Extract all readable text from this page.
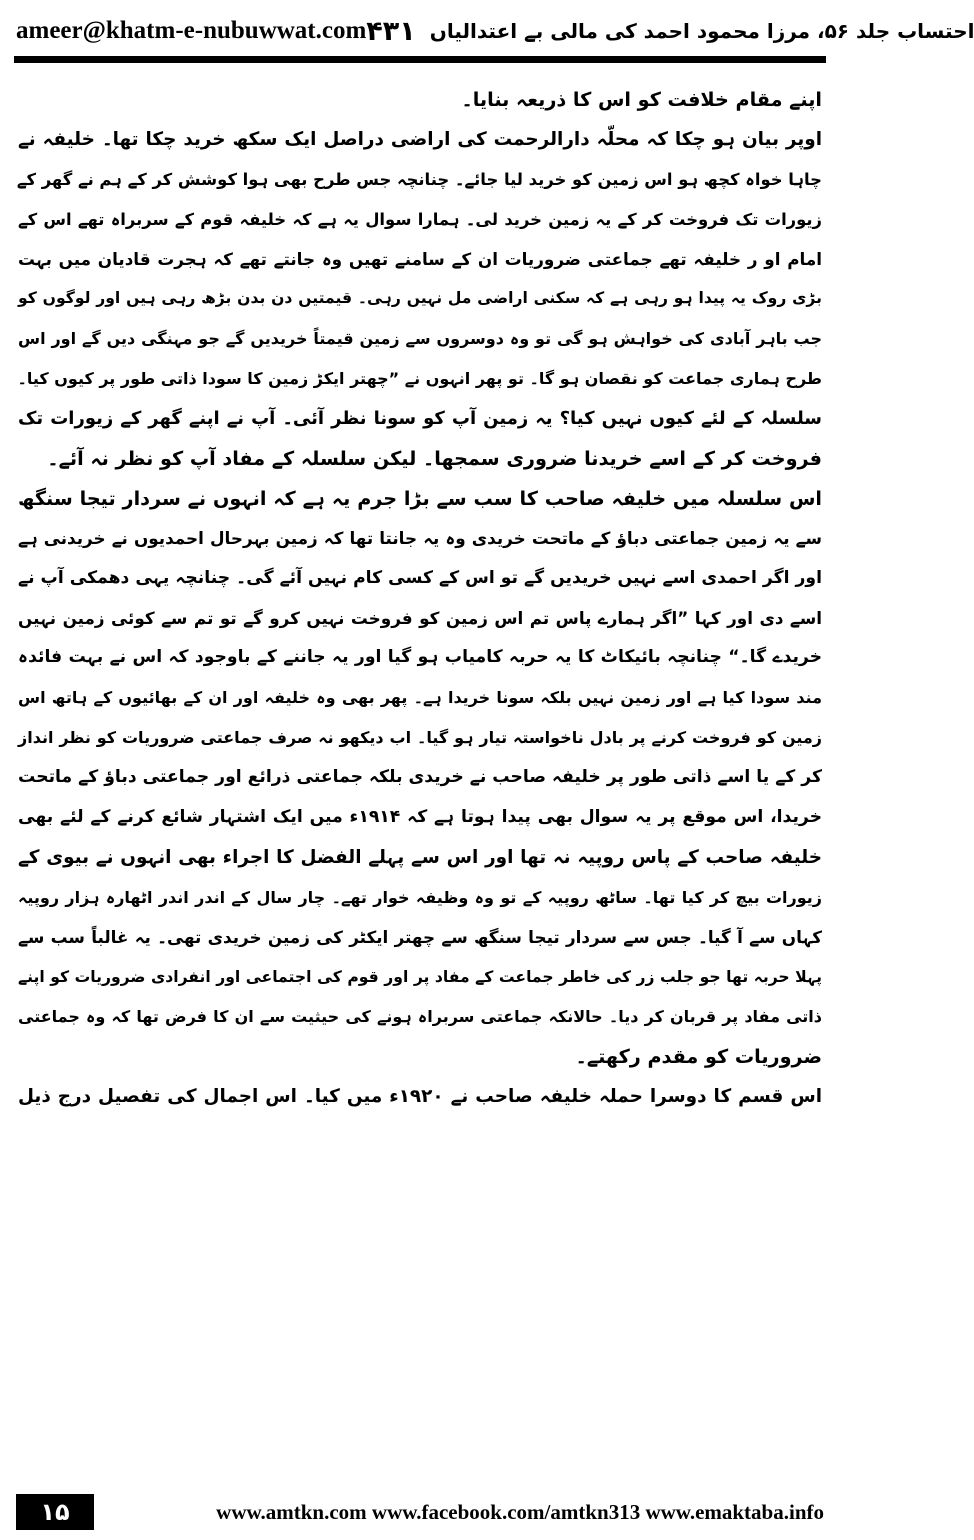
ameer@khatm-e-nubuwwat.com ۴۳۱ احتساب جلد ۵۶، مرزا محمود احمد کی مالی بے اعتدالیاں
اپنے مقام خلافت کو اس کا ذریعہ بنایا۔
اوپر بیان ہو چکا کہ محلّہ دارالرحمت کی اراضی دراصل ایک سکھ خرید چکا تھا۔ خلیفہ نے
چاہا خواہ کچھ ہو اس زمین کو خرید لیا جائے۔ چنانچہ جس طرح بھی ہوا کوشش کر کے ہم نے گھر کے
زیورات تک فروخت کر کے یہ زمین خرید لی۔ ہمارا سوال یہ ہے کہ خلیفہ قوم کے سربراہ تھے اس کے
امام او ر خلیفہ تھے جماعتی ضروریات ان کے سامنے تھیں وہ جانتے تھے کہ ہجرت قادیان میں بہت
بڑی روک یہ پیدا ہو رہی ہے کہ سکنی اراضی مل نہیں رہی۔ قیمتیں دن بدن بڑھ رہی ہیں اور لوگوں کو
جب باہر آبادی کی خواہش ہو گی تو وہ دوسروں سے زمین قیمتاً خریدیں گے جو مہنگی دیں گے اور اس
طرح ہماری جماعت کو نقصان ہو گا۔ تو پھر انہوں نے ”چھتر ایکڑ زمین کا سودا ذاتی طور پر کیوں کیا۔
سلسلہ کے لئے کیوں نہیں کیا؟ یہ زمین آپ کو سونا نظر آئی۔ آپ نے اپنے گھر کے زیورات تک
فروخت کر کے اسے خریدنا ضروری سمجھا۔ لیکن سلسلہ کے مفاد آپ کو نظر نہ آئے۔
اس سلسلہ میں خلیفہ صاحب کا سب سے بڑا جرم یہ ہے کہ انہوں نے سردار تیجا سنگھ
سے یہ زمین جماعتی دباؤ کے ماتحت خریدی وہ یہ جانتا تھا کہ زمین بہرحال احمدیوں نے خریدنی ہے
اور اگر احمدی اسے نہیں خریدیں گے تو اس کے کسی کام نہیں آئے گی۔ چنانچہ یہی دھمکی آپ نے
اسے دی اور کہا ”اگر ہمارے پاس تم اس زمین کو فروخت نہیں کرو گے تو تم سے کوئی زمین نہیں
خریدے گا۔“ چنانچہ بائیکاٹ کا یہ حربہ کامیاب ہو گیا اور یہ جاننے کے باوجود کہ اس نے بہت فائدہ
مند سودا کیا ہے اور زمین نہیں بلکہ سونا خریدا ہے۔ پھر بھی وہ خلیفہ اور ان کے بھائیوں کے ہاتھ اس
زمین کو فروخت کرنے پر بادل ناخواستہ تیار ہو گیا۔ اب دیکھو نہ صرف جماعتی ضروریات کو نظر انداز
کر کے یا اسے ذاتی طور پر خلیفہ صاحب نے خریدی بلکہ جماعتی ذرائع اور جماعتی دباؤ کے ماتحت
خریدا، اس موقع پر یہ سوال بھی پیدا ہوتا ہے کہ ۱۹۱۴ء میں ایک اشتہار شائع کرنے کے لئے بھی
خلیفہ صاحب کے پاس روپیہ نہ تھا اور اس سے پہلے الفضل کا اجراء بھی انہوں نے بیوی کے
زیورات بیچ کر کیا تھا۔ ساٹھ روپیہ کے تو وہ وظیفہ خوار تھے۔ چار سال کے اندر اندر اٹھارہ ہزار روپیہ
کہاں سے آ گیا۔ جس سے سردار تیجا سنگھ سے چھتر ایکٹر کی زمین خریدی تھی۔ یہ غالباً سب سے
پہلا حربہ تھا جو جلب زر کی خاطر جماعت کے مفاد پر اور قوم کی اجتماعی اور انفرادی ضروریات کو اپنے
ذاتی مفاد پر قربان کر دیا۔ حالانکہ جماعتی سربراہ ہونے کی حیثیت سے ان کا فرض تھا کہ وہ جماعتی
ضروریات کو مقدم رکھتے۔
اس قسم کا دوسرا حملہ خلیفہ صاحب نے ۱۹۲۰ء میں کیا۔ اس اجمال کی تفصیل درج ذیل
۱۵	www.amtkn.com www.facebook.com/amtkn313 www.emaktaba.info
